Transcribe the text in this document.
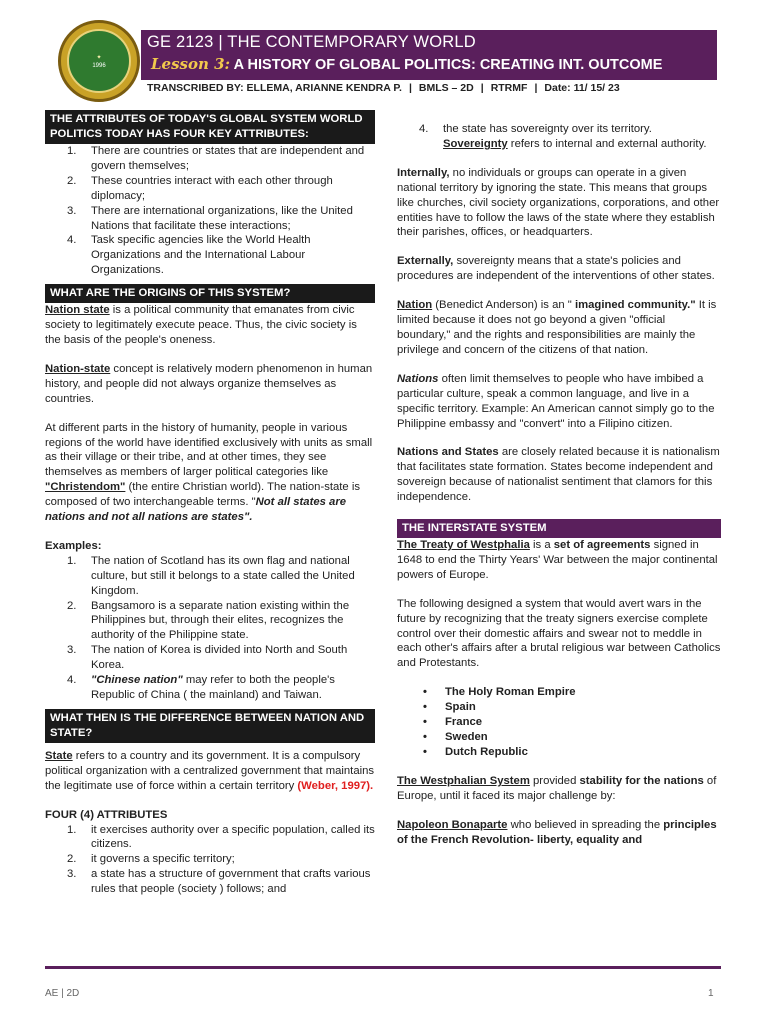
✦
1996
GE 2123 | THE CONTEMPORARY WORLD
Lesson 3: A HISTORY OF GLOBAL POLITICS: CREATING INT. OUTCOME
TRANSCRIBED BY: ELLEMA, ARIANNE KENDRA P. | BMLS – 2D | RTRMF | Date: 11/ 15/ 23
THE ATTRIBUTES OF TODAY'S GLOBAL SYSTEM WORLD POLITICS TODAY HAS FOUR KEY ATTRIBUTES:
1.	There are countries or states that are independent and govern themselves;
2.	These countries interact with each other through diplomacy;
3.	There are international organizations, like the United Nations that facilitate these interactions;
4.	Task specific agencies like the World Health Organizations and the International Labour Organizations.
WHAT ARE THE ORIGINS OF THIS SYSTEM?

Nation state is a political community that emanates from civic society to legitimately execute peace. Thus, the civic society is the basis of the people's oneness.

Nation-state concept is relatively modern phenomenon in human history, and people did not always organize themselves as countries.

At different parts in the history of humanity, people in various regions of the world have identified exclusively with units as small as their village or their tribe, and at other times, they see themselves as members of larger political categories like "Christendom" (the entire Christian world). The nation-state is composed of two interchangeable terms. "Not all states are nations and not all nations are states".

Examples:

1.	The nation of Scotland has its own flag and national culture, but still it belongs to a state called the United Kingdom.
2.	Bangsamoro is a separate nation existing within the Philippines but, through their elites, recognizes the authority of the Philippine state.
3.	The nation of Korea is divided into North and South Korea.
4.	"Chinese nation" may refer to both the people's Republic of China ( the mainland) and Taiwan.
WHAT THEN IS THE DIFFERENCE BETWEEN NATION AND STATE?

State refers to a country and its government. It is a compulsory political organization with a centralized government that maintains the legitimate use of force within a certain territory (Weber, 1997).

FOUR (4) ATTRIBUTES

1.	it exercises authority over a specific population, called its citizens.
2.	it governs a specific territory;
3.	a state has a structure of government that crafts various rules that people (society ) follows; and
4.	the state has sovereignty over its territory.
Sovereignty refers to internal and external authority.

Internally, no individuals or groups can operate in a given national territory by ignoring the state. This means that groups like churches, civil society organizations, corporations, and other entities have to follow the laws of the state where they establish their parishes, offices, or headquarters.

Externally, sovereignty means that a state's policies and procedures are independent of the interventions of other states.

Nation (Benedict Anderson) is an " imagined community." It is limited because it does not go beyond a given "official boundary," and the rights and responsibilities are mainly the privilege and concern of the citizens of that nation.

Nations often limit themselves to people who have imbibed a particular culture, speak a common language, and live in a specific territory. Example: An American cannot simply go to the Philippine embassy and "convert" into a Filipino citizen.

Nations and States are closely related because it is nationalism that facilitates state formation. States become independent and sovereign because of nationalist sentiment that clamors for this independence.

THE INTERSTATE SYSTEM

The Treaty of Westphalia is a set of agreements signed in 1648 to end the Thirty Years' War between the major continental powers of Europe.

The following designed a system that would avert wars in the future by recognizing that the treaty signers exercise complete control over their domestic affairs and swear not to meddle in each other's affairs after a brutal religious war between Catholics and Protestants.

•	The Holy Roman Empire
•	Spain
•	France
•	Sweden
•	Dutch Republic

The Westphalian System provided stability for the nations of Europe, until it faced its major challenge by:

Napoleon Bonaparte who believed in spreading the principles of the French Revolution- liberty, equality and

AE | 2D	1
